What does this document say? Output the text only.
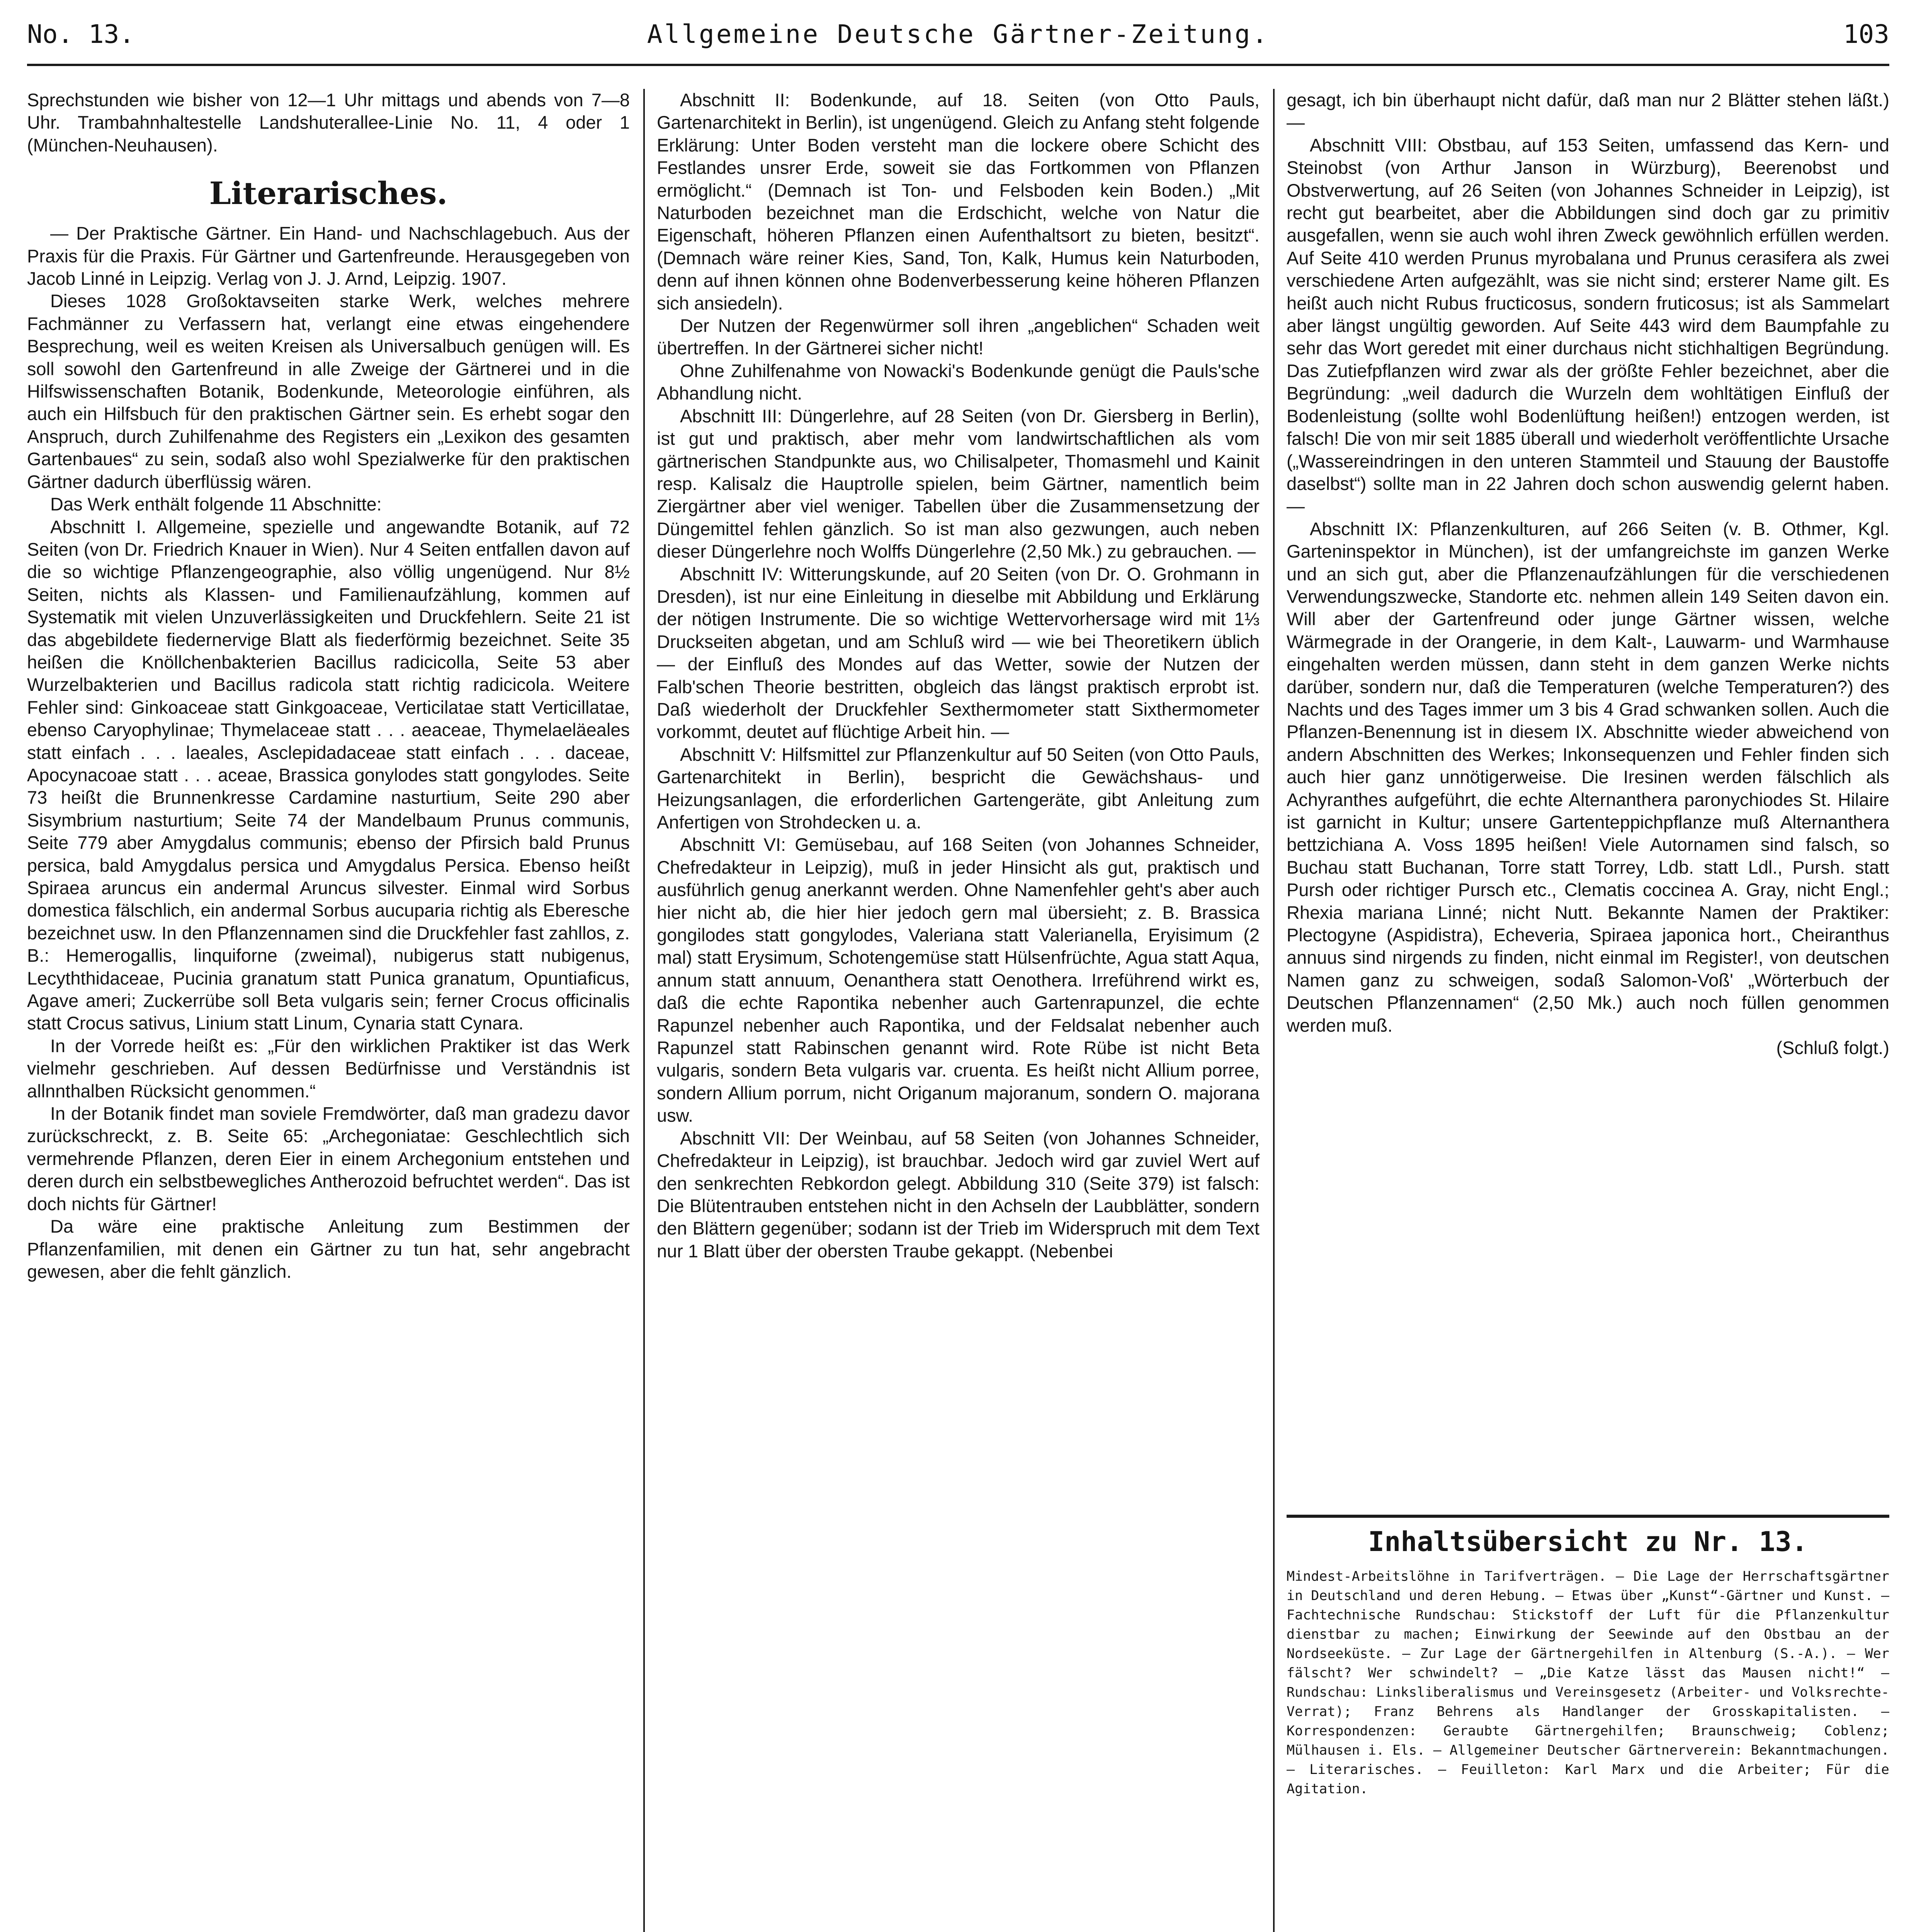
No. 13.	Allgemeine Deutsche Gärtner-Zeitung.	103

Sprechstunden wie bisher von 12—1 Uhr mittags und abends von 7—8 Uhr. Trambahnhaltestelle Landshuterallee-Linie No. 11, 4 oder 1 (München-Neuhausen).

Literarisches.

— Der Praktische Gärtner. Ein Hand- und Nachschlagebuch. Aus der Praxis für die Praxis. Für Gärtner und Gartenfreunde. Herausgegeben von Jacob Linné in Leipzig. Verlag von J. J. Arnd, Leipzig. 1907.

Dieses 1028 Großoktavseiten starke Werk, welches mehrere Fachmänner zu Verfassern hat, verlangt eine etwas eingehendere Besprechung, weil es weiten Kreisen als Universalbuch genügen will. Es soll sowohl den Gartenfreund in alle Zweige der Gärtnerei und in die Hilfswissenschaften Botanik, Bodenkunde, Meteorologie einführen, als auch ein Hilfsbuch für den praktischen Gärtner sein. Es erhebt sogar den Anspruch, durch Zuhilfenahme des Registers ein „Lexikon des gesamten Gartenbaues“ zu sein, sodaß also wohl Spezialwerke für den praktischen Gärtner dadurch überflüssig wären.

Das Werk enthält folgende 11 Abschnitte:

Abschnitt I. Allgemeine, spezielle und angewandte Botanik, auf 72 Seiten (von Dr. Friedrich Knauer in Wien). Nur 4 Seiten entfallen davon auf die so wichtige Pflanzengeographie, also völlig ungenügend. Nur 8½ Seiten, nichts als Klassen- und Familienaufzählung, kommen auf Systematik mit vielen Unzuverlässigkeiten und Druckfehlern. Seite 21 ist das abgebildete fiedernervige Blatt als fiederförmig bezeichnet. Seite 35 heißen die Knöllchenbakterien Bacillus radicicolla, Seite 53 aber Wurzelbakterien und Bacillus radicola statt richtig radicicola. Weitere Fehler sind: Ginkoaceae statt Ginkgoaceae, Verticilatae statt Verticillatae, ebenso Caryophylinae; Thymelaceae statt . . . aeaceae, Thymelaeläeales statt einfach . . . laeales, Asclepidadaceae statt einfach . . . daceae, Apocynacoae statt . . . aceae, Brassica gonylodes statt gongylodes. Seite 73 heißt die Brunnenkresse Cardamine nasturtium, Seite 290 aber Sisymbrium nasturtium; Seite 74 der Mandelbaum Prunus communis, Seite 779 aber Amygdalus communis; ebenso der Pfirsich bald Prunus persica, bald Amygdalus persica und Amygdalus Persica. Ebenso heißt Spiraea aruncus ein andermal Aruncus silvester. Einmal wird Sorbus domestica fälschlich, ein andermal Sorbus aucuparia richtig als Eberesche bezeichnet usw. In den Pflanzennamen sind die Druckfehler fast zahllos, z. B.: Hemerogallis, linquiforne (zweimal), nubigerus statt nubigenus, Lecyththidaceae, Pucinia granatum statt Punica granatum, Opuntiaficus, Agave ameri; Zuckerrübe soll Beta vulgaris sein; ferner Crocus officinalis statt Crocus sativus, Linium statt Linum, Cynaria statt Cynara.

In der Vorrede heißt es: „Für den wirklichen Praktiker ist das Werk vielmehr geschrieben. Auf dessen Bedürfnisse und Verständnis ist allnnthalben Rücksicht genommen.“

In der Botanik findet man soviele Fremdwörter, daß man gradezu davor zurückschreckt, z. B. Seite 65: „Archegoniatae: Geschlechtlich sich vermehrende Pflanzen, deren Eier in einem Archegonium entstehen und deren durch ein selbstbewegliches Antherozoid befruchtet werden“. Das ist doch nichts für Gärtner!

Da wäre eine praktische Anleitung zum Bestimmen der Pflanzenfamilien, mit denen ein Gärtner zu tun hat, sehr angebracht gewesen, aber die fehlt gänzlich.

Abschnitt II: Bodenkunde, auf 18. Seiten (von Otto Pauls, Gartenarchitekt in Berlin), ist ungenügend. Gleich zu Anfang steht folgende Erklärung: Unter Boden versteht man die lockere obere Schicht des Festlandes unsrer Erde, soweit sie das Fortkommen von Pflanzen ermöglicht.“ (Demnach ist Ton- und Felsboden kein Boden.) „Mit Naturboden bezeichnet man die Erdschicht, welche von Natur die Eigenschaft, höheren Pflanzen einen Aufenthaltsort zu bieten, besitzt“. (Demnach wäre reiner Kies, Sand, Ton, Kalk, Humus kein Naturboden, denn auf ihnen können ohne Bodenverbesserung keine höheren Pflanzen sich ansiedeln).

Der Nutzen der Regenwürmer soll ihren „angeblichen“ Schaden weit übertreffen. In der Gärtnerei sicher nicht!

Ohne Zuhilfenahme von Nowacki's Bodenkunde genügt die Pauls'sche Abhandlung nicht.

Abschnitt III: Düngerlehre, auf 28 Seiten (von Dr. Giersberg in Berlin), ist gut und praktisch, aber mehr vom landwirtschaftlichen als vom gärtnerischen Standpunkte aus, wo Chilisalpeter, Thomasmehl und Kainit resp. Kalisalz die Hauptrolle spielen, beim Gärtner, namentlich beim Ziergärtner aber viel weniger. Tabellen über die Zusammensetzung der Düngemittel fehlen gänzlich. So ist man also gezwungen, auch neben dieser Düngerlehre noch Wolffs Düngerlehre (2,50 Mk.) zu gebrauchen. —

Abschnitt IV: Witterungskunde, auf 20 Seiten (von Dr. O. Grohmann in Dresden), ist nur eine Einleitung in dieselbe mit Abbildung und Erklärung der nötigen Instrumente. Die so wichtige Wettervorhersage wird mit 1⅓ Druckseiten abgetan, und am Schluß wird — wie bei Theoretikern üblich — der Einfluß des Mondes auf das Wetter, sowie der Nutzen der Falb'schen Theorie bestritten, obgleich das längst praktisch erprobt ist. Daß wiederholt der Druckfehler Sexthermometer statt Sixthermometer vorkommt, deutet auf flüchtige Arbeit hin. —

Abschnitt V: Hilfsmittel zur Pflanzenkultur auf 50 Seiten (von Otto Pauls, Gartenarchitekt in Berlin), bespricht die Gewächshaus- und Heizungsanlagen, die erforderlichen Gartengeräte, gibt Anleitung zum Anfertigen von Strohdecken u. a.

Abschnitt VI: Gemüsebau, auf 168 Seiten (von Johannes Schneider, Chefredakteur in Leipzig), muß in jeder Hinsicht als gut, praktisch und ausführlich genug anerkannt werden. Ohne Namenfehler geht's aber auch hier nicht ab, die hier hier jedoch gern mal übersieht; z. B. Brassica gongilodes statt gongylodes, Valeriana statt Valerianella, Eryisimum (2 mal) statt Erysimum, Schotengemüse statt Hülsenfrüchte, Agua statt Aqua, annum statt annuum, Oenanthera statt Oenothera. Irreführend wirkt es, daß die echte Rapontika nebenher auch Gartenrapunzel, die echte Rapunzel nebenher auch Rapontika, und der Feldsalat nebenher auch Rapunzel statt Rabinschen genannt wird. Rote Rübe ist nicht Beta vulgaris, sondern Beta vulgaris var. cruenta. Es heißt nicht Allium porree, sondern Allium porrum, nicht Origanum majoranum, sondern O. majorana usw.

Abschnitt VII: Der Weinbau, auf 58 Seiten (von Johannes Schneider, Chefredakteur in Leipzig), ist brauchbar. Jedoch wird gar zuviel Wert auf den senkrechten Rebkordon gelegt. Abbildung 310 (Seite 379) ist falsch: Die Blütentrauben entstehen nicht in den Achseln der Laubblätter, sondern den Blättern gegenüber; sodann ist der Trieb im Widerspruch mit dem Text nur 1 Blatt über der obersten Traube gekappt. (Nebenbei

gesagt, ich bin überhaupt nicht dafür, daß man nur 2 Blätter stehen läßt.) —

Abschnitt VIII: Obstbau, auf 153 Seiten, umfassend das Kern- und Steinobst (von Arthur Janson in Würzburg), Beerenobst und Obstverwertung, auf 26 Seiten (von Johannes Schneider in Leipzig), ist recht gut bearbeitet, aber die Abbildungen sind doch gar zu primitiv ausgefallen, wenn sie auch wohl ihren Zweck gewöhnlich erfüllen werden. Auf Seite 410 werden Prunus myrobalana und Prunus cerasifera als zwei verschiedene Arten aufgezählt, was sie nicht sind; ersterer Name gilt. Es heißt auch nicht Rubus fructicosus, sondern fruticosus; ist als Sammelart aber längst ungültig geworden. Auf Seite 443 wird dem Baumpfahle zu sehr das Wort geredet mit einer durchaus nicht stichhaltigen Begründung. Das Zutiefpflanzen wird zwar als der größte Fehler bezeichnet, aber die Begründung: „weil dadurch die Wurzeln dem wohltätigen Einfluß der Bodenleistung (sollte wohl Bodenlüftung heißen!) entzogen werden, ist falsch! Die von mir seit 1885 überall und wiederholt veröffentlichte Ursache („Wassereindringen in den unteren Stammteil und Stauung der Baustoffe daselbst“) sollte man in 22 Jahren doch schon auswendig gelernt haben. —

Abschnitt IX: Pflanzenkulturen, auf 266 Seiten (v. B. Othmer, Kgl. Garteninspektor in München), ist der umfangreichste im ganzen Werke und an sich gut, aber die Pflanzenaufzählungen für die verschiedenen Verwendungszwecke, Standorte etc. nehmen allein 149 Seiten davon ein. Will aber der Gartenfreund oder junge Gärtner wissen, welche Wärmegrade in der Orangerie, in dem Kalt-, Lauwarm- und Warmhause eingehalten werden müssen, dann steht in dem ganzen Werke nichts darüber, sondern nur, daß die Temperaturen (welche Temperaturen?) des Nachts und des Tages immer um 3 bis 4 Grad schwanken sollen. Auch die Pflanzen-Benennung ist in diesem IX. Abschnitte wieder abweichend von andern Abschnitten des Werkes; Inkonsequenzen und Fehler finden sich auch hier ganz unnötigerweise. Die Iresinen werden fälschlich als Achyranthes aufgeführt, die echte Alternanthera paronychiodes St. Hilaire ist garnicht in Kultur; unsere Gartenteppichpflanze muß Alternanthera bettzichiana A. Voss 1895 heißen! Viele Autornamen sind falsch, so Buchau statt Buchanan, Torre statt Torrey, Ldb. statt Ldl., Pursh. statt Pursh oder richtiger Pursch etc., Clematis coccinea A. Gray, nicht Engl.; Rhexia mariana Linné; nicht Nutt. Bekannte Namen der Praktiker: Plectogyne (Aspidistra), Echeveria, Spiraea japonica hort., Cheiranthus annuus sind nirgends zu finden, nicht einmal im Register!, von deutschen Namen ganz zu schweigen, sodaß Salomon-Voß' „Wörterbuch der Deutschen Pflanzennamen“ (2,50 Mk.) auch noch füllen genommen werden muß.

(Schluß folgt.)

Inhaltsübersicht zu Nr. 13.
Mindest-Arbeitslöhne in Tarifverträgen. — Die Lage der Herrschaftsgärtner in Deutschland und deren Hebung. — Etwas über „Kunst“-Gärtner und Kunst. — Fachtechnische Rundschau: Stickstoff der Luft für die Pflanzenkultur dienstbar zu machen; Einwirkung der Seewinde auf den Obstbau an der Nordseeküste. — Zur Lage der Gärtnergehilfen in Altenburg (S.-A.). — Wer fälscht? Wer schwindelt? — „Die Katze lässt das Mausen nicht!“ — Rundschau: Linksliberalismus und Vereinsgesetz (Arbeiter- und Volksrechte-Verrat); Franz Behrens als Handlanger der Grosskapitalisten. — Korrespondenzen: Geraubte Gärtnergehilfen; Braunschweig; Coblenz; Mülhausen i. Els. — Allgemeiner Deutscher Gärtnerverein: Bekanntmachungen. — Literarisches. — Feuilleton: Karl Marx und die Arbeiter; Für die Agitation.
